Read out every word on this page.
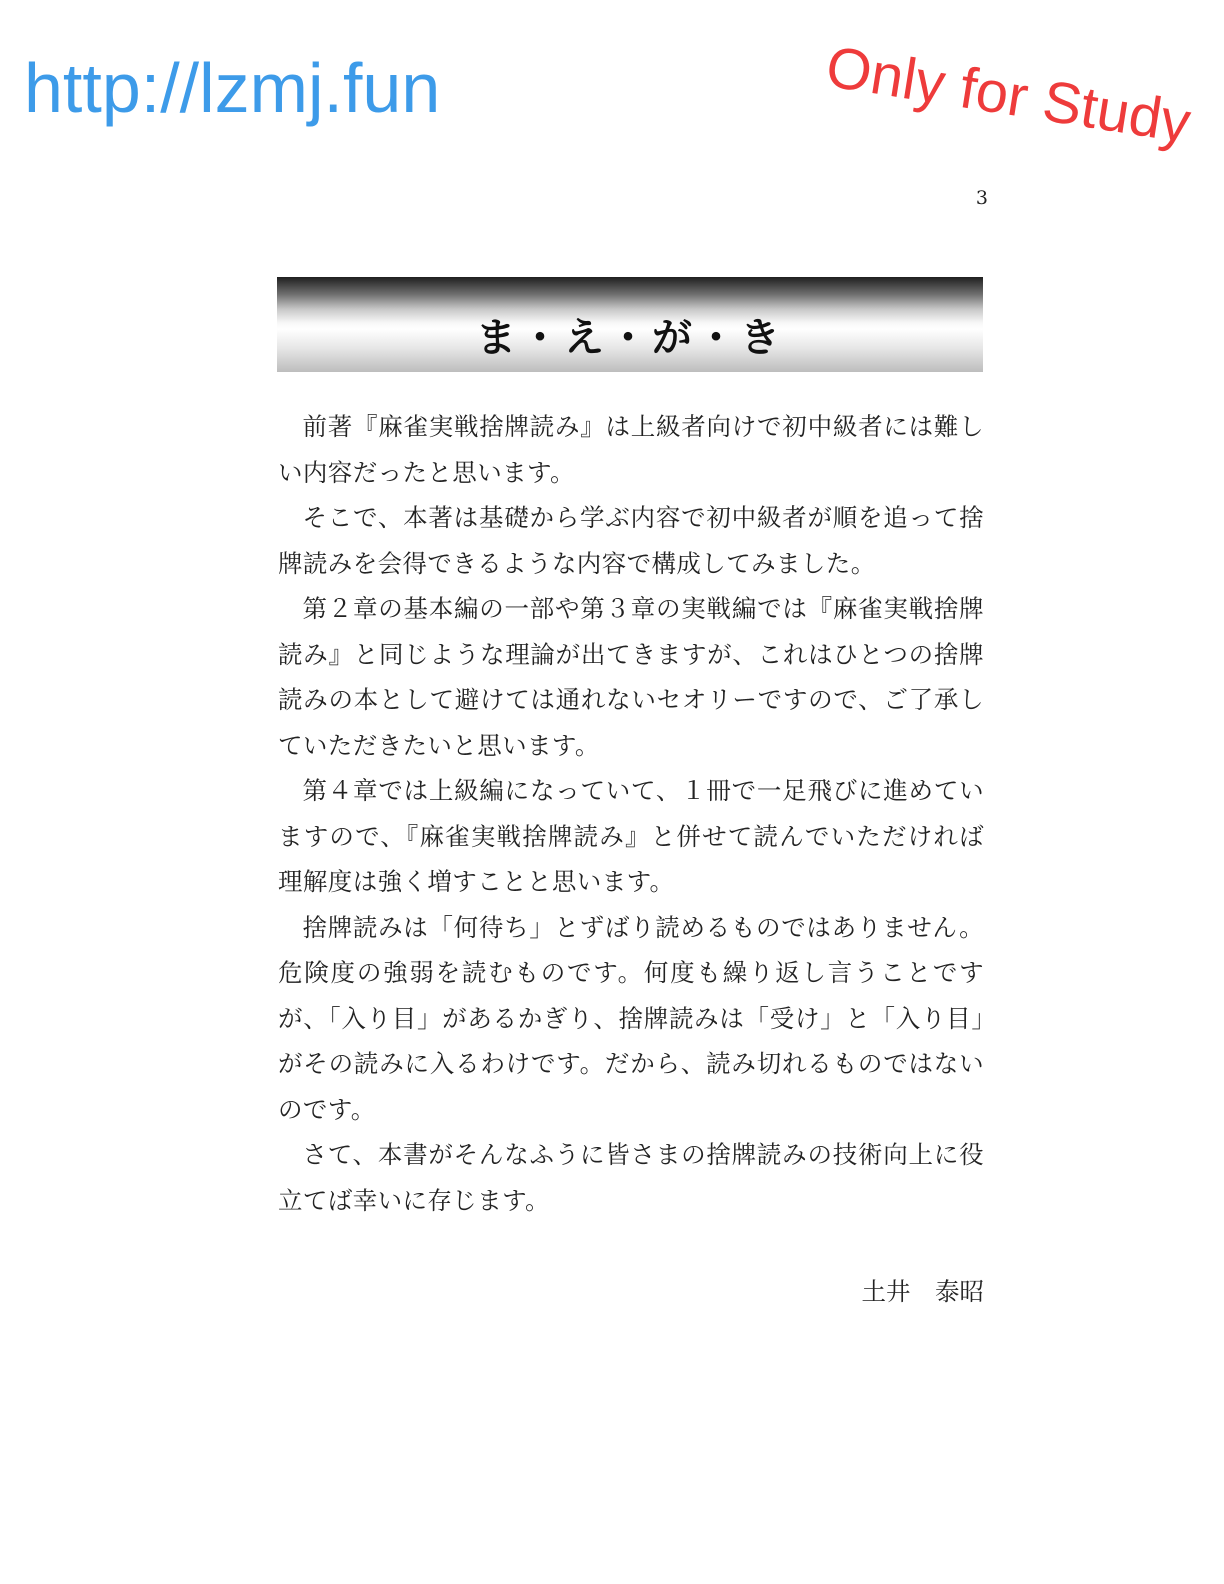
http://lzmj.fun	Only for Study
3
ま・え・が・き

前著『麻雀実戦捨牌読み』は上級者向けで初中級者には難しい内容だったと思います。

そこで、本著は基礎から学ぶ内容で初中級者が順を追って捨牌読みを会得できるような内容で構成してみました。

第２章の基本編の一部や第３章の実戦編では『麻雀実戦捨牌読み』と同じような理論が出てきますが、これはひとつの捨牌読みの本として避けては通れないセオリーですので、ご了承していただきたいと思います。

第４章では上級編になっていて、１冊で一足飛びに進めていますので、『麻雀実戦捨牌読み』と併せて読んでいただければ理解度は強く増すことと思います。

捨牌読みは「何待ち」とずばり読めるものではありません。危険度の強弱を読むものです。何度も繰り返し言うことですが、「入り目」があるかぎり、捨牌読みは「受け」と「入り目」がその読みに入るわけです。だから、読み切れるものではないのです。

さて、本書がそんなふうに皆さまの捨牌読みの技術向上に役立てば幸いに存じます。

土井　泰昭
